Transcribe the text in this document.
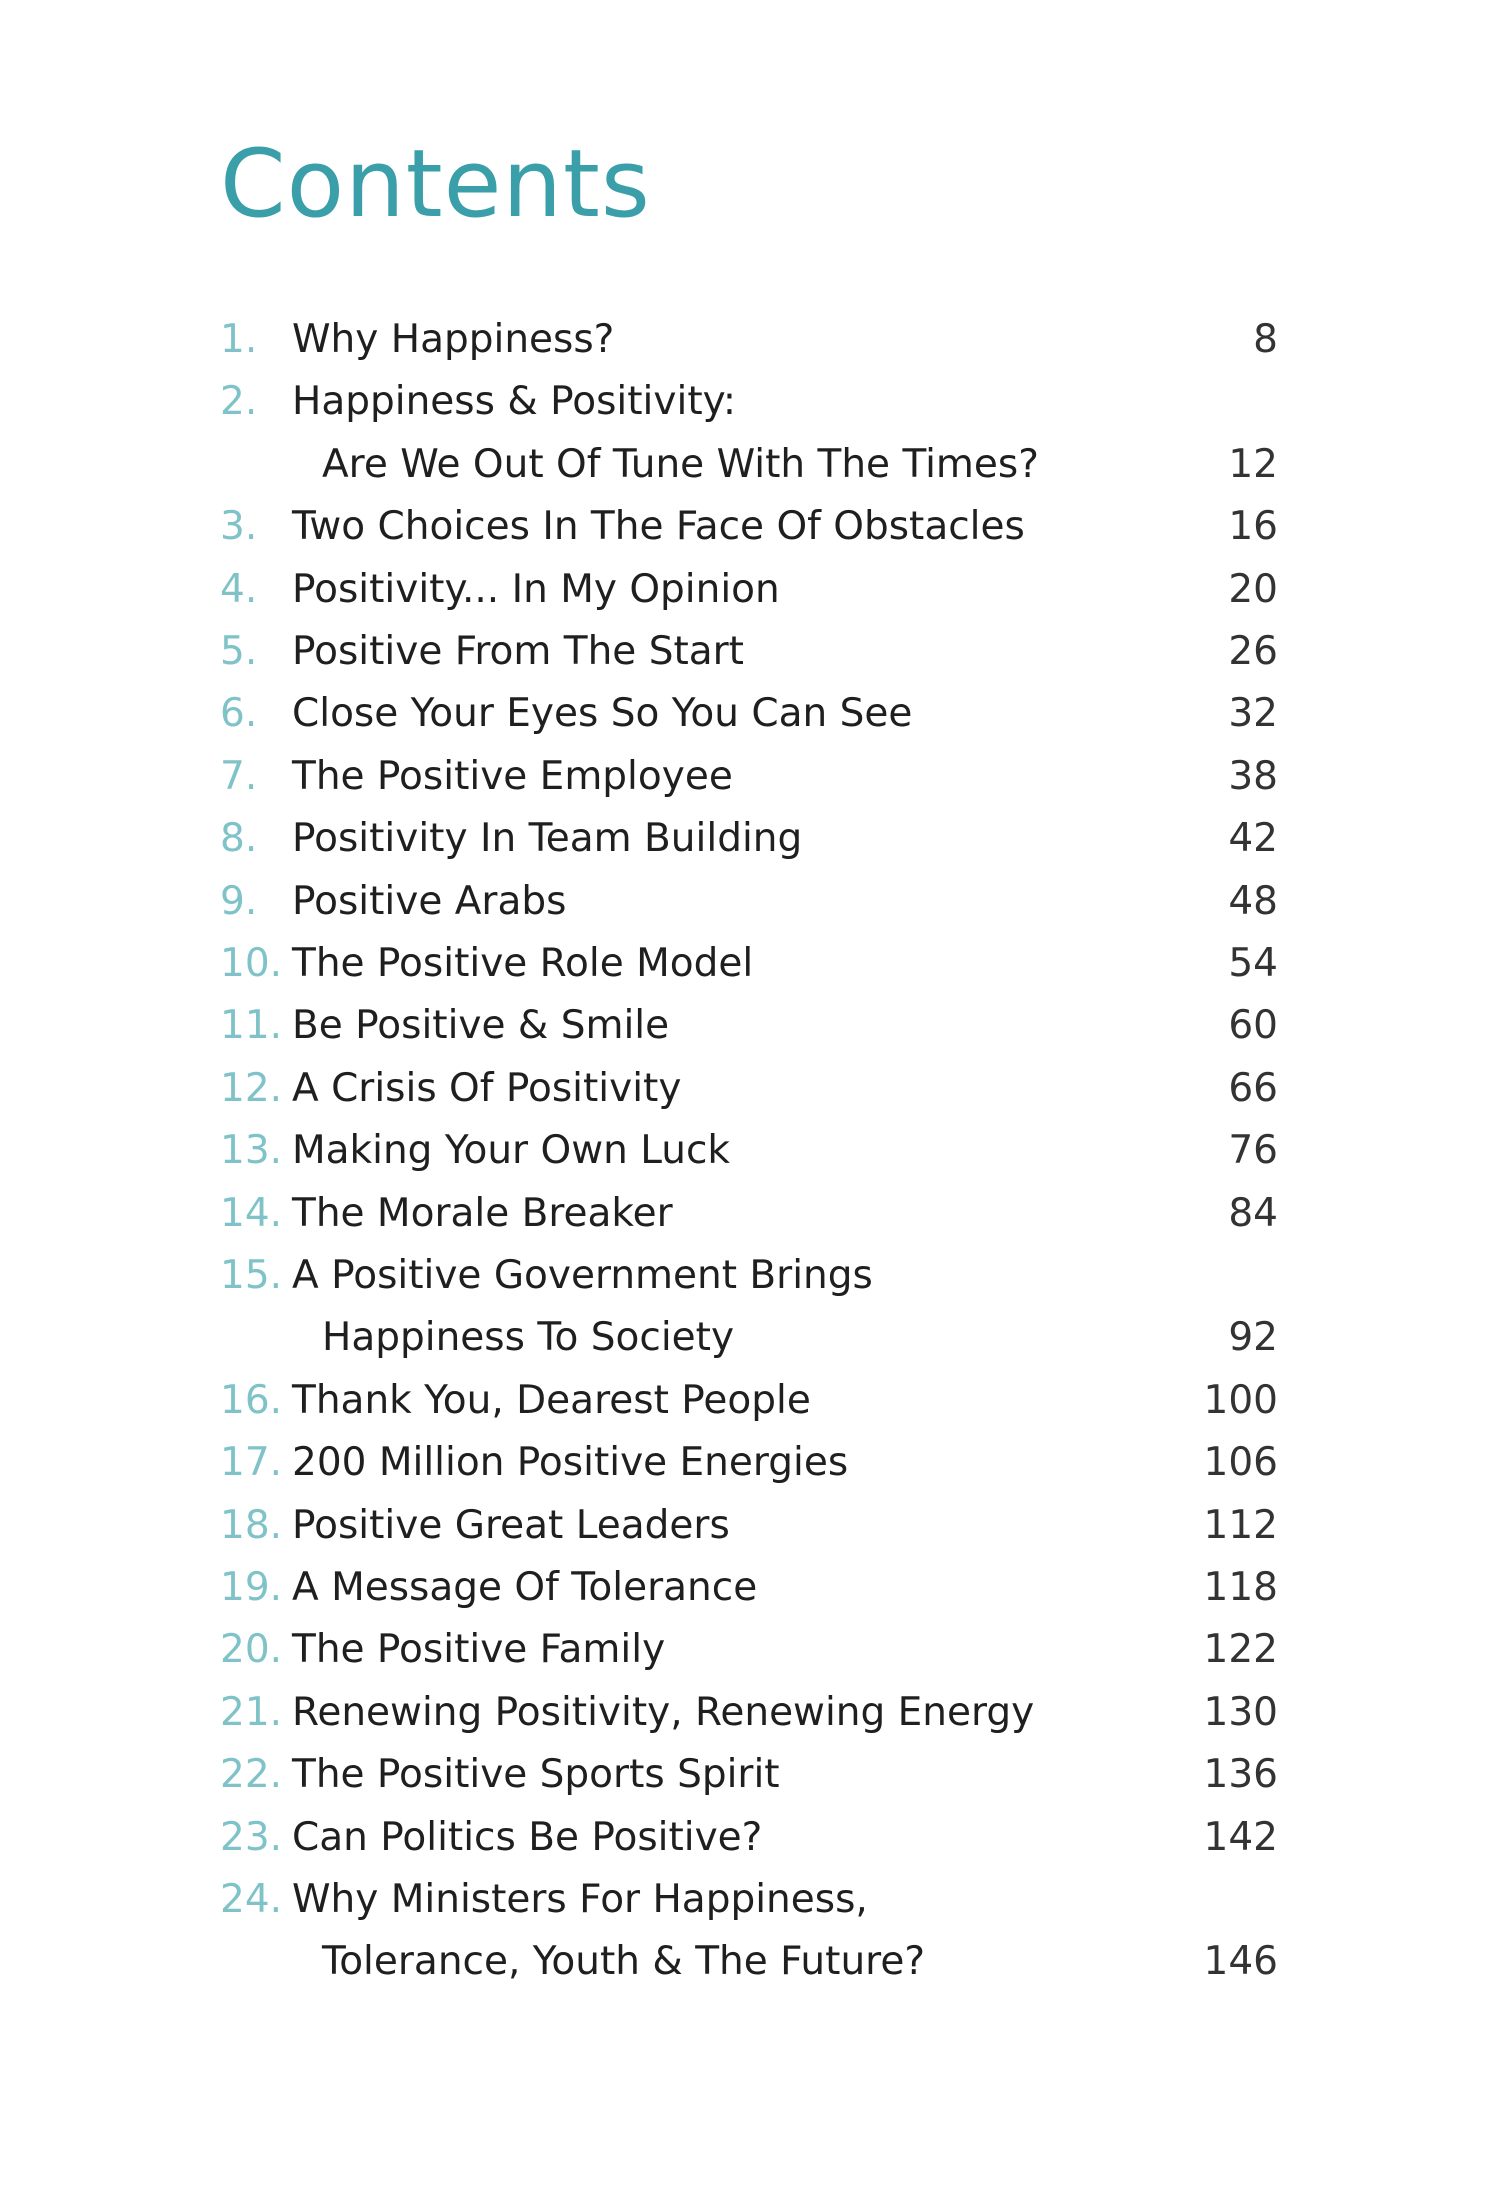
Contents
1. Why Happiness?	8
2. Happiness & Positivity:
Are We Out Of Tune With The Times?	12
3. Two Choices In The Face Of Obstacles	16
4. Positivity... In My Opinion	20
5. Positive From The Start	26
6. Close Your Eyes So You Can See	32
7. The Positive Employee	38
8. Positivity In Team Building	42
9. Positive Arabs	48
10. The Positive Role Model	54
11. Be Positive & Smile	60
12. A Crisis Of Positivity	66
13. Making Your Own Luck	76
14. The Morale Breaker	84
15. A Positive Government Brings
Happiness To Society	92
16. Thank You, Dearest People	100
17. 200 Million Positive Energies	106
18. Positive Great Leaders	112
19. A Message Of Tolerance	118
20. The Positive Family	122
21. Renewing Positivity, Renewing Energy	130
22. The Positive Sports Spirit	136
23. Can Politics Be Positive?	142
24. Why Ministers For Happiness,
Tolerance, Youth & The Future?	146
